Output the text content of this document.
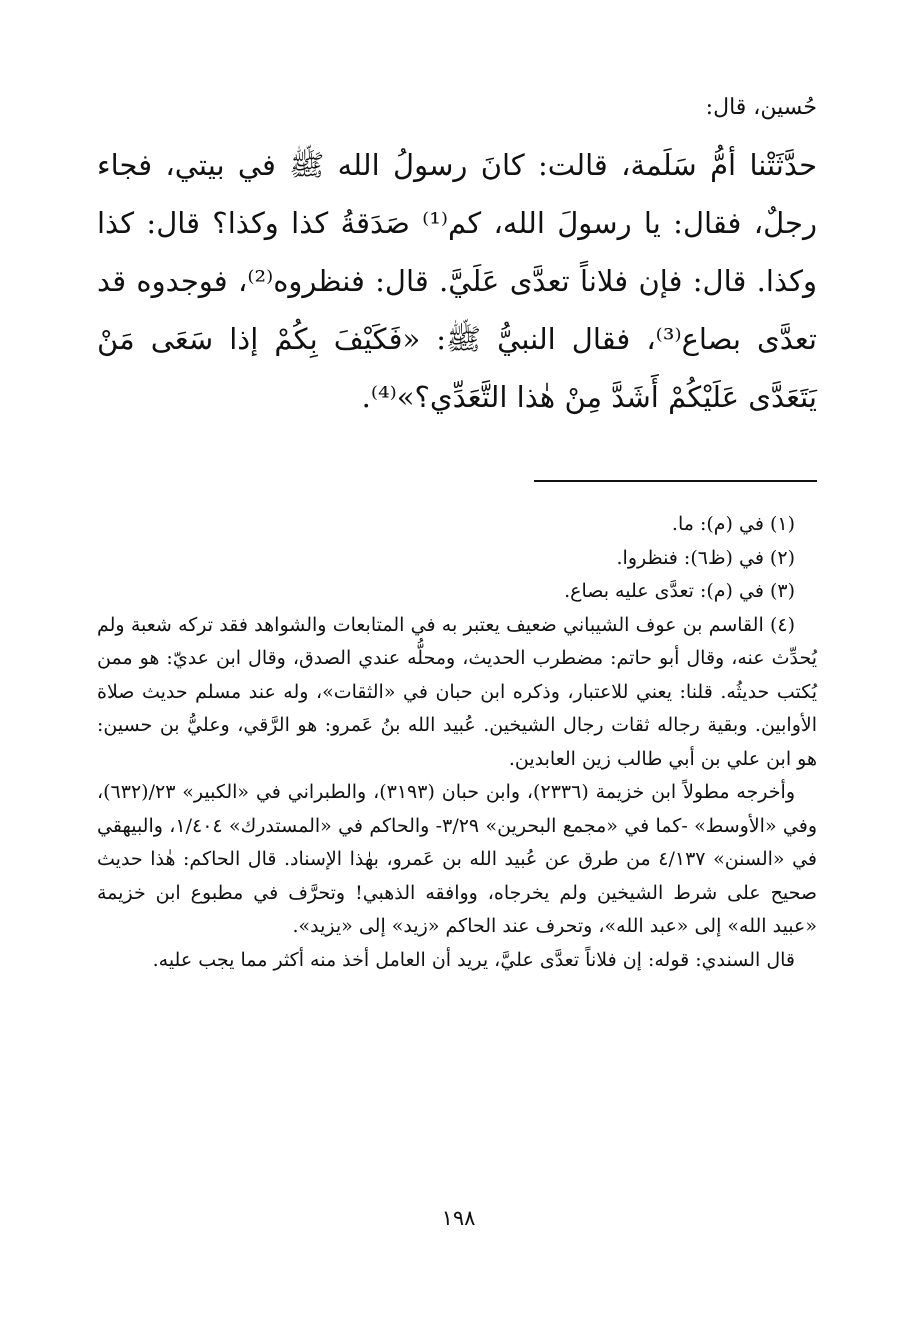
حُسين، قال:

حدَّثَتْنا أمُّ سَلَمة، قالت: كانَ رسولُ الله ﷺ في بيتي، فجاء رجلٌ، فقال: يا رسولَ الله، كم⁽¹⁾ صَدَقةُ كذا وكذا؟ قال: كذا وكذا. قال: فإن فلاناً تعدَّى عَلَيَّ. قال: فنظروه⁽²⁾، فوجدوه قد تعدَّى بصاع⁽³⁾، فقال النبيُّ ﷺ: «فَكَيْفَ بِكُمْ إذا سَعَى مَنْ يَتَعَدَّى عَلَيْكُمْ أَشَدَّ مِنْ هٰذا التَّعَدِّي؟»⁽⁴⁾.

(١) في (م): ما.

(٢) في (ظ٦): فنظروا.

(٣) في (م): تعدَّى عليه بصاع.

(٤) القاسم بن عوف الشيباني ضعيف يعتبر به في المتابعات والشواهد فقد تركه شعبة ولم يُحدِّث عنه، وقال أبو حاتم: مضطرب الحديث، ومحلُّه عندي الصدق، وقال ابن عديّ: هو ممن يُكتب حديثُه. قلنا: يعني للاعتبار، وذكره ابن حبان في «الثقات»، وله عند مسلم حديث صلاة الأوابين. وبقية رجاله ثقات رجال الشيخين. عُبيد الله بنُ عَمرو: هو الرَّقي، وعليُّ بن حسين: هو ابن علي بن أبي طالب زين العابدين.

وأخرجه مطولاً ابن خزيمة (٢٣٣٦)، وابن حبان (٣١٩٣)، والطبراني في «الكبير» ٢٣/(٦٣٢)، وفي «الأوسط» -كما في «مجمع البحرين» ٣/٢٩- والحاكم في «المستدرك» ١/٤٠٤، والبيهقي في «السنن» ٤/١٣٧ من طرق عن عُبيد الله بن عَمرو، بهٰذا الإسناد. قال الحاكم: هٰذا حديث صحيح على شرط الشيخين ولم يخرجاه، ووافقه الذهبي! وتحرَّف في مطبوع ابن خزيمة «عبيد الله» إلى «عبد الله»، وتحرف عند الحاكم «زيد» إلى «يزيد».

قال السندي: قوله: إن فلاناً تعدَّى عليَّ، يريد أن العامل أخذ منه أكثر مما يجب عليه.

١٩٨
